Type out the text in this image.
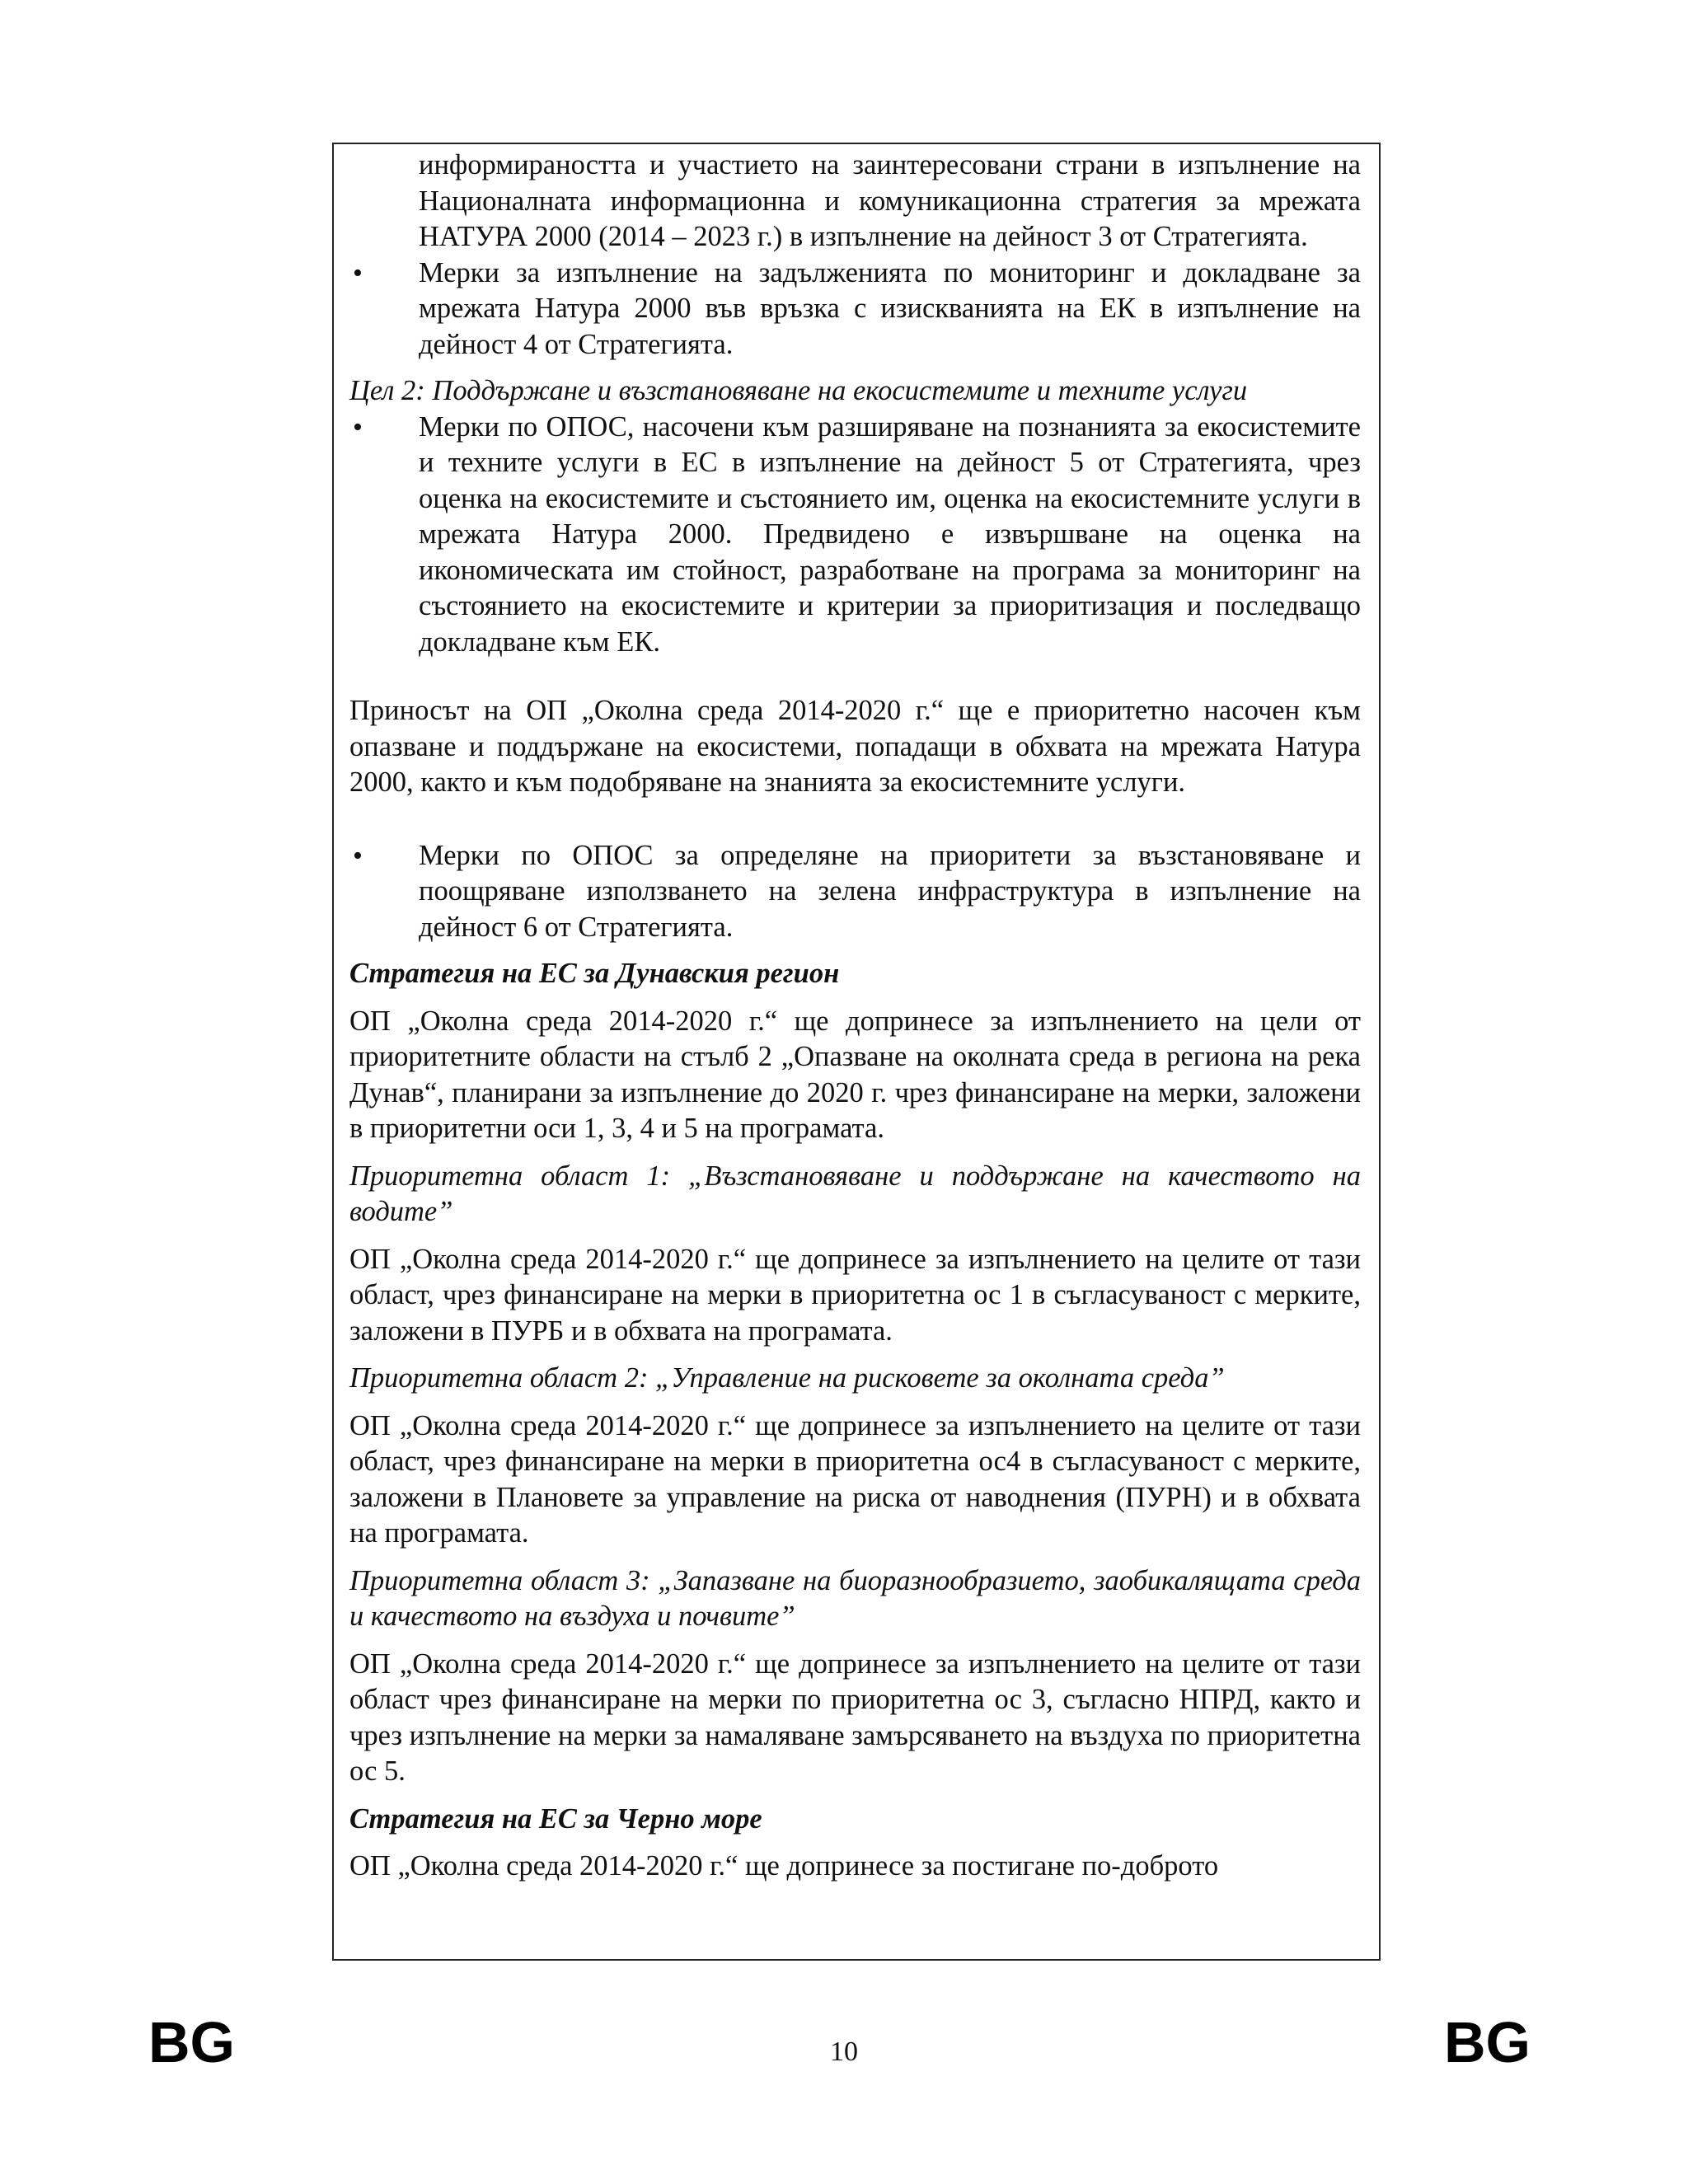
информираността и участието на заинтересовани страни в изпълнение на Националната информационна и комуникационна стратегия за мрежата НАТУРА 2000 (2014 – 2023 г.) в изпълнение на дейност 3 от Стратегията.

• Мерки за изпълнение на задълженията по мониторинг и докладване за мрежата Натура 2000 във връзка с изискванията на ЕК в изпълнение на дейност 4 от Стратегията.

Цел 2: Поддържане и възстановяване на екосистемите и техните услуги

• Мерки по ОПОС, насочени към разширяване на познанията за екосистемите и техните услуги в ЕС в изпълнение на дейност 5 от Стратегията, чрез оценка на екосистемите и състоянието им, оценка на екосистемните услуги в мрежата Натура 2000. Предвидено е извършване на оценка на икономическата им стойност, разработване на програма за мониторинг на състоянието на екосистемите и критерии за приоритизация и последващо докладване към ЕК.

Приносът на ОП „Околна среда 2014-2020 г.“ ще е приоритетно насочен към опазване и поддържане на екосистеми, попадащи в обхвата на мрежата Натура 2000, както и към подобряване на знанията за екосистемните услуги.

• Мерки по ОПОС за определяне на приоритети за възстановяване и поощряване използването на зелена инфраструктура в изпълнение на дейност 6 от Стратегията.

Стратегия на ЕС за Дунавския регион

ОП „Околна среда 2014-2020 г.“ ще допринесе за изпълнението на цели от приоритетните области на стълб 2 „Опазване на околната среда в региона на река Дунав“, планирани за изпълнение до 2020 г. чрез финансиране на мерки, заложени в приоритетни оси 1, 3, 4 и 5 на програмата.

Приоритетна област 1: „Възстановяване и поддържане на качеството на водите”

ОП „Околна среда 2014-2020 г.“ ще допринесе за изпълнението на целите от тази област, чрез финансиране на мерки в приоритетна ос 1 в съгласуваност с мерките, заложени в ПУРБ и в обхвата на програмата.

Приоритетна област 2: „Управление на рисковете за околната среда”

ОП „Околна среда 2014-2020 г.“ ще допринесе за изпълнението на целите от тази област, чрез финансиране на мерки в приоритетна ос4 в съгласуваност с мерките, заложени в Плановете за управление на риска от наводнения (ПУРН) и в обхвата на програмата.

Приоритетна област 3: „Запазване на биоразнообразието, заобикалящата среда и качеството на въздуха и почвите”

ОП „Околна среда 2014-2020 г.“ ще допринесе за изпълнението на целите от тази област чрез финансиране на мерки по приоритетна ос 3, съгласно НПРД, както и чрез изпълнение на мерки за намаляване замърсяването на въздуха по приоритетна ос 5.

Стратегия на ЕС за Черно море

ОП „Околна среда 2014-2020 г.“ ще допринесе за постигане по-доброто

BG	10	BG
